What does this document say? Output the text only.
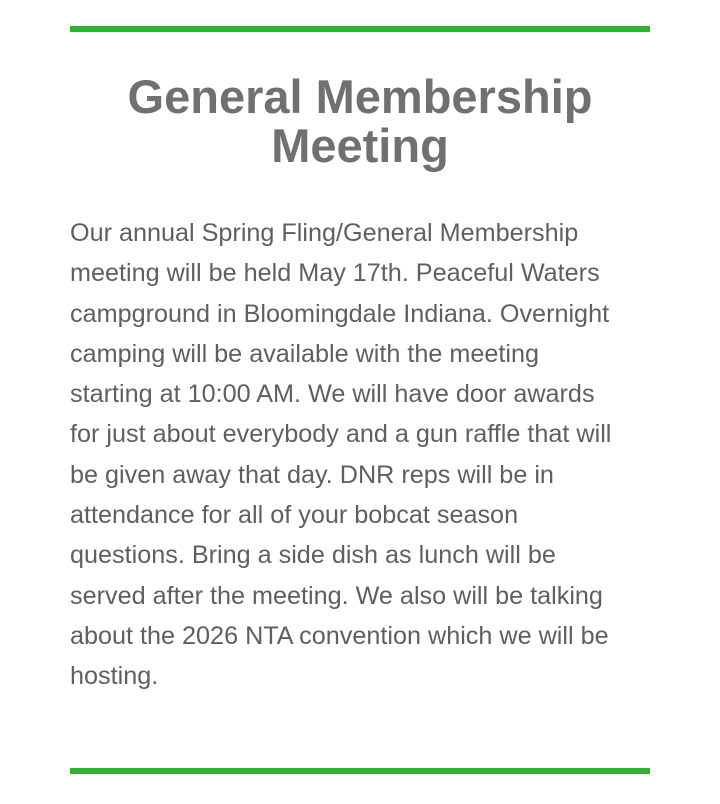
General Membership
Meeting

Our annual Spring Fling/General Membership
meeting will be held May 17th. Peaceful Waters
campground in Bloomingdale Indiana. Overnight
camping will be available with the meeting
starting at 10:00 AM. We will have door awards
for just about everybody and a gun raffle that will
be given away that day. DNR reps will be in
attendance for all of your bobcat season
questions. Bring a side dish as lunch will be
served after the meeting. We also will be talking
about the 2026 NTA convention which we will be
hosting.
